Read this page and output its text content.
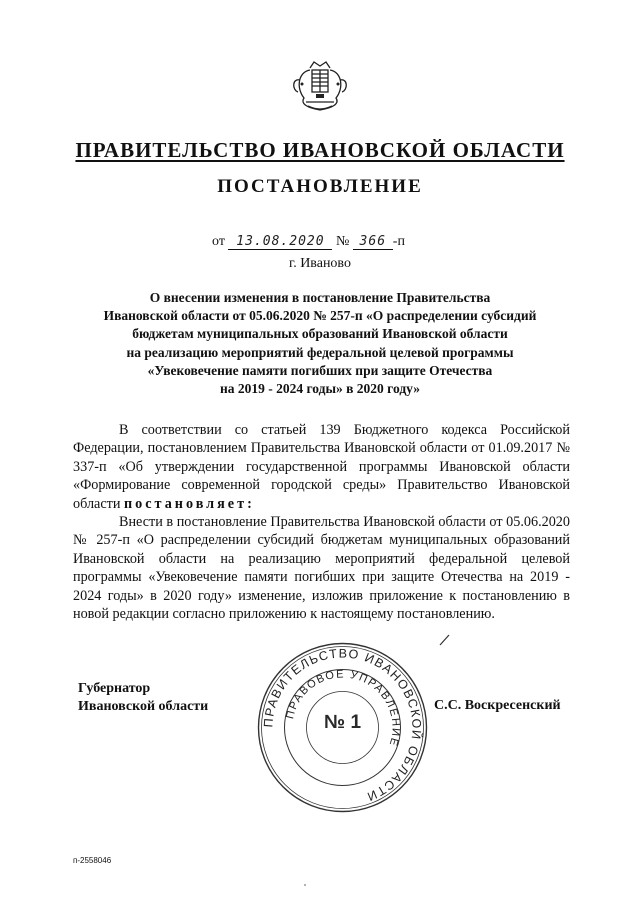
ПРАВИТЕЛЬСТВО ИВАНОВСКОЙ ОБЛАСТИ
ПОСТАНОВЛЕНИЕ
от 13.08.2020 № 366 -п
г. Иваново
О внесении изменения в постановление Правительства
Ивановской области от 05.06.2020 № 257-п «О распределении субсидий
бюджетам муниципальных образований Ивановской области
на реализацию мероприятий федеральной целевой программы
«Увековечение памяти погибших при защите Отечества
на 2019 - 2024 годы» в 2020 году»

В соответствии со статьей 139 Бюджетного кодекса Российской Федерации, постановлением Правительства Ивановской области от 01.09.2017 № 337-п «Об утверждении государственной программы Ивановской области «Формирование современной городской среды» Правительство Ивановской области постановляет:

Внести в постановление Правительства Ивановской области от 05.06.2020 № 257-п «О распределении субсидий бюджетам муниципальных образований Ивановской области на реализацию мероприятий федеральной целевой программы «Увековечение памяти погибших при защите Отечества на 2019 - 2024 годы» в 2020 году» изменение, изложив приложение к постановлению в новой редакции согласно приложению к настоящему постановлению.

Губернатор
Ивановской области
ПРАВИТЕЛЬСТВО ИВАНОВСКОЙ ОБЛАСТИ
ПРАВОВОЕ УПРАВЛЕНИЕ
№ 1
С.С. Воскресенский
п-2558046
